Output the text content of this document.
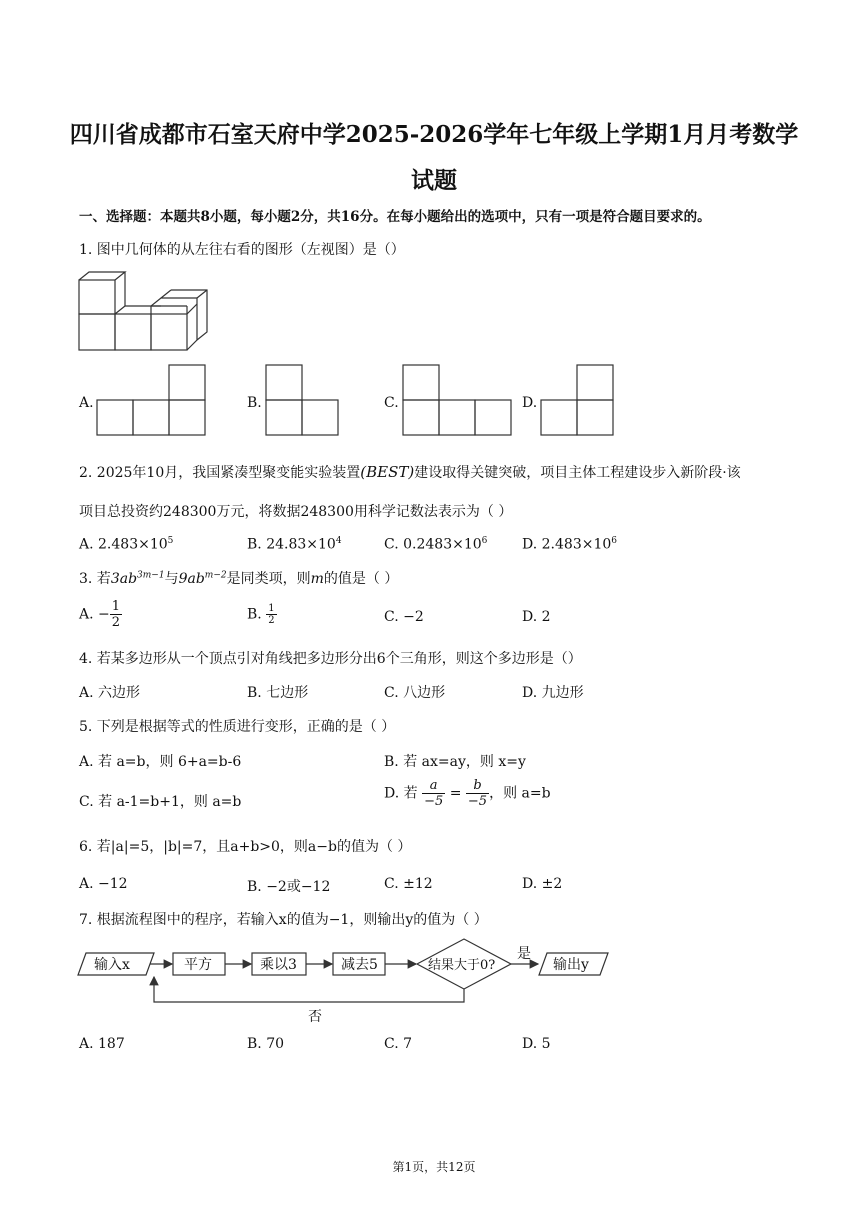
四川省成都市石室天府中学2025-2026学年七年级上学期1月月考数学
试题
一、选择题：本题共8小题，每小题2分，共16分。在每小题给出的选项中，只有一项是符合题目要求的。
1. 图中几何体的从左往右看的图形（左视图）是（）
A.	B.	C.	D.
2. 2025年10月，我国紧凑型聚变能实验装置(BEST)建设取得关键突破，项目主体工程建设步入新阶段·该
项目总投资约248300万元，将数据248300用科学记数法表示为（ ）
A. $2.483\times 10^5$	B. $24.83\times 10^4$	C. $0.2483\times 10^6$ D. $2.483\times 10^6$
3. 若$3ab^{3m-1}$与$9ab^{m-2}$是同类项，则m的值是（ ）
A. − $\frac{1}{2}$	B. $\frac{1}{2}$	C. −2	D. 2
4. 若某多边形从一个顶点引对角线把多边形分出6个三角形，则这个多边形是（）
A. 六边形	B. 七边形	C. 八边形	D. 九边形
5. 下列是根据等式的性质进行变形，正确的是（ ）
A. 若 a=b，则 6+a=b-6	B. 若 ax=ay，则 x=y
C. 若 a-1=b+1，则 a=b
D. 若 $\frac{a}{-5} = \frac{b}{-5}$ ，则 a=b
6. 若|a|=5，|b|=7，且a+b>0，则a−b的值为（ ）
A. −12	B. −2或−12	C. ±12	D. ±2
7. 根据流程图中的程序，若输入x的值为−1，则输出y的值为（ ）
输入x	平方	乘以3	减去5	结果大于0?
是
输出y
否
A. 187	B. 70	C. 7	D. 5
第1页，共12页
